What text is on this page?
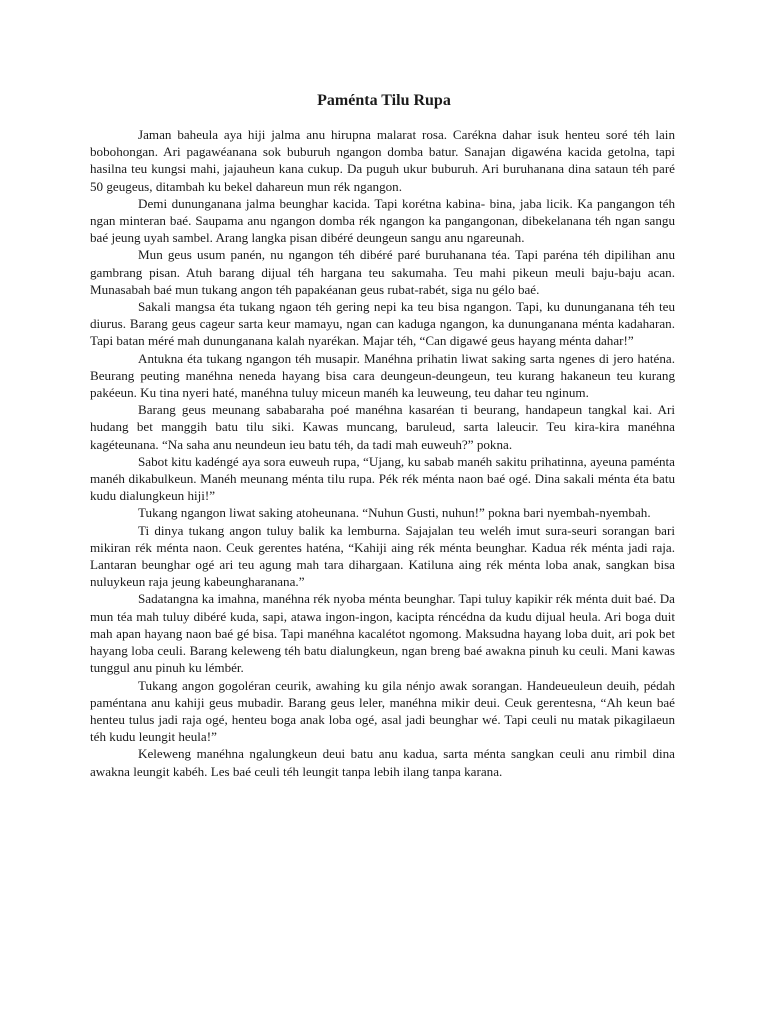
Paménta Tilu Rupa

Jaman baheula aya hiji jalma anu hirupna malarat rosa. Carékna dahar isuk henteu soré téh lain bobohongan. Ari pagawéanana sok buburuh ngangon domba batur. Sanajan digawéna kacida getolna, tapi hasilna teu kungsi mahi, jajauheun kana cukup. Da puguh ukur buburuh. Ari buruhanana dina sataun téh paré 50 geugeus, ditambah ku bekel dahareun mun rék ngangon.

Demi dununganana jalma beunghar kacida. Tapi korétna kabina- bina, jaba licik. Ka pangangon téh ngan minteran baé. Saupama anu ngangon domba rék ngangon ka pangangonan, dibekelanana téh ngan sangu baé jeung uyah sambel. Arang langka pisan dibéré deungeun sangu anu ngareunah.

Mun geus usum panén, nu ngangon téh dibéré paré buruhanana téa. Tapi paréna téh dipilihan anu gambrang pisan. Atuh barang dijual téh hargana teu sakumaha. Teu mahi pikeun meuli baju-baju acan. Munasabah baé mun tukang angon téh papakéanan geus rubat-rabét, siga nu gélo baé.

Sakali mangsa éta tukang ngaon téh gering nepi ka teu bisa ngangon. Tapi, ku dununganana téh teu diurus. Barang geus cageur sarta keur mamayu, ngan can kaduga ngangon, ka dununganana ménta kadaharan. Tapi batan méré mah dununganana kalah nyarékan. Majar téh, “Can digawé geus hayang ménta dahar!”

Antukna éta tukang ngangon téh musapir. Manéhna prihatin liwat saking sarta ngenes di jero haténa. Beurang peuting manéhna neneda hayang bisa cara deungeun-deungeun, teu kurang hakaneun teu kurang pakéeun. Ku tina nyeri haté, manéhna tuluy miceun manéh ka leuweung, teu dahar teu nginum.

Barang geus meunang sababaraha poé manéhna kasaréan ti beurang, handapeun tangkal kai. Ari hudang bet manggih batu tilu siki. Kawas muncang, baruleud, sarta laleucir. Teu kira-kira manéhna kagéteunana. “Na saha anu neundeun ieu batu téh, da tadi mah euweuh?” pokna.

Sabot kitu kadéngé aya sora euweuh rupa, “Ujang, ku sabab manéh sakitu prihatinna, ayeuna paménta manéh dikabulkeun. Manéh meunang ménta tilu rupa. Pék rék ménta naon baé ogé. Dina sakali ménta éta batu kudu dialungkeun hiji!”

Tukang ngangon liwat saking atoheunana. “Nuhun Gusti, nuhun!” pokna bari nyembah-nyembah.

Ti dinya tukang angon tuluy balik ka lemburna. Sajajalan teu weléh imut sura-seuri sorangan bari mikiran rék ménta naon. Ceuk gerentes haténa, “Kahiji aing rék ménta beunghar. Kadua rék ménta jadi raja. Lantaran beunghar ogé ari teu agung mah tara dihargaan. Katiluna aing rék ménta loba anak, sangkan bisa nuluykeun raja jeung kabeungharanana.”

Sadatangna ka imahna, manéhna rék nyoba ménta beunghar. Tapi tuluy kapikir rék ménta duit baé. Da mun téa mah tuluy dibéré kuda, sapi, atawa ingon-ingon, kacipta réncédna da kudu dijual heula. Ari boga duit mah apan hayang naon baé gé bisa. Tapi manéhna kacalétot ngomong. Maksudna hayang loba duit, ari pok bet hayang loba ceuli. Barang keleweng téh batu dialungkeun, ngan breng baé awakna pinuh ku ceuli. Mani kawas tunggul anu pinuh ku lémbér.

Tukang angon gogoléran ceurik, awahing ku gila nénjo awak sorangan. Handeueuleun deuih, pédah paméntana anu kahiji geus mubadir. Barang geus leler, manéhna mikir deui. Ceuk gerentesna, “Ah keun baé henteu tulus jadi raja ogé, henteu boga anak loba ogé, asal jadi beunghar wé. Tapi ceuli nu matak pikagilaeun téh kudu leungit heula!”

Keleweng manéhna ngalungkeun deui batu anu kadua, sarta ménta sangkan ceuli anu rimbil dina awakna leungit kabéh. Les baé ceuli téh leungit tanpa lebih ilang tanpa karana.
